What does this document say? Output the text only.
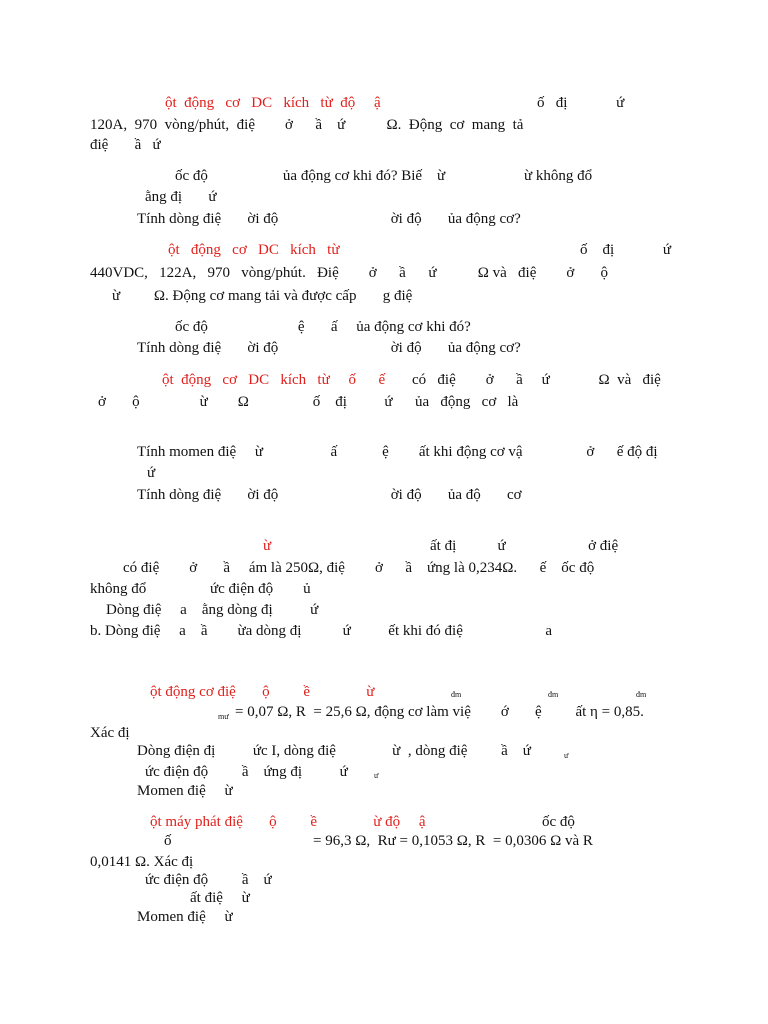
ột  động   cơ   DC   kích   từ  độ     ậ	ố   đị             ứ

120A,  970  vòng/phút,  điệ        ở      ầ    ứ           Ω.  Động  cơ  mang  tả

điệ       ầ   ứ

ốc độ                    ủa động cơ khi đó? Biế    ừ                     ừ không đổ

ằng đị       ứ

Tính dòng điệ       ời độ                              ời độ       ủa động cơ?

ột   động   cơ   DC   kích   từ	ố    đị             ứ

440VDC,   122A,   970   vòng/phút.   Điệ        ở      ầ      ứ           Ω và   điệ        ở       ộ

ừ         Ω. Động cơ mang tải và được cấp       g điệ

ốc độ                        ệ       ấ     ủa động cơ khi đó?

Tính dòng điệ       ời độ                              ời độ       ủa động cơ?

ột  động   cơ   DC   kích   từ     ố      ế có   điệ        ở      ầ     ứ             Ω  và   điệ

ở       ộ                ừ        Ω                 ố    đị          ứ      ủa   động   cơ   là

Tính momen điệ     ừ                  ấ            ệ        ất khi động cơ vậ                 ở      ế độ đị

ứ

Tính dòng điệ       ời độ                              ời độ       ủa độ       cơ

ừ	ất đị           ứ                      ở điệ

có điệ        ở       ầ     ám là 250Ω, điệ        ở      ầ    ứng là 0,234Ω.      ế    ốc độ

không đổ                 ức điện độ        ủ

Dòng điệ     a    ằng dòng đị          ứ

b. Dòng điệ     a    ầ        ừa dòng đị           ứ          ết khi đó điệ                      a

ột động cơ điệ       ộ         ề               ừ	đm	đm	đm

mư = 0,07 Ω, R  = 25,6 Ω, động cơ làm việ        ớ       ệ         ất η = 0,85.

Xác đị

Dòng điện đị          ức I, dòng điệ               ừ  , dòng điệ         ầ    ứ	ư

ức điện độ         ầ    ứng đị          ứ	ư

Momen điệ     ừ

ột máy phát điệ       ộ         ề               ừ độ     ậ	ốc độ

ố	= 96,3 Ω,  Rư = 0,1053 Ω, R  = 0,0306 Ω và R

0,0141 Ω. Xác đị

ức điện độ         ầ    ứ

ất điệ     ừ

Momen điệ     ừ
